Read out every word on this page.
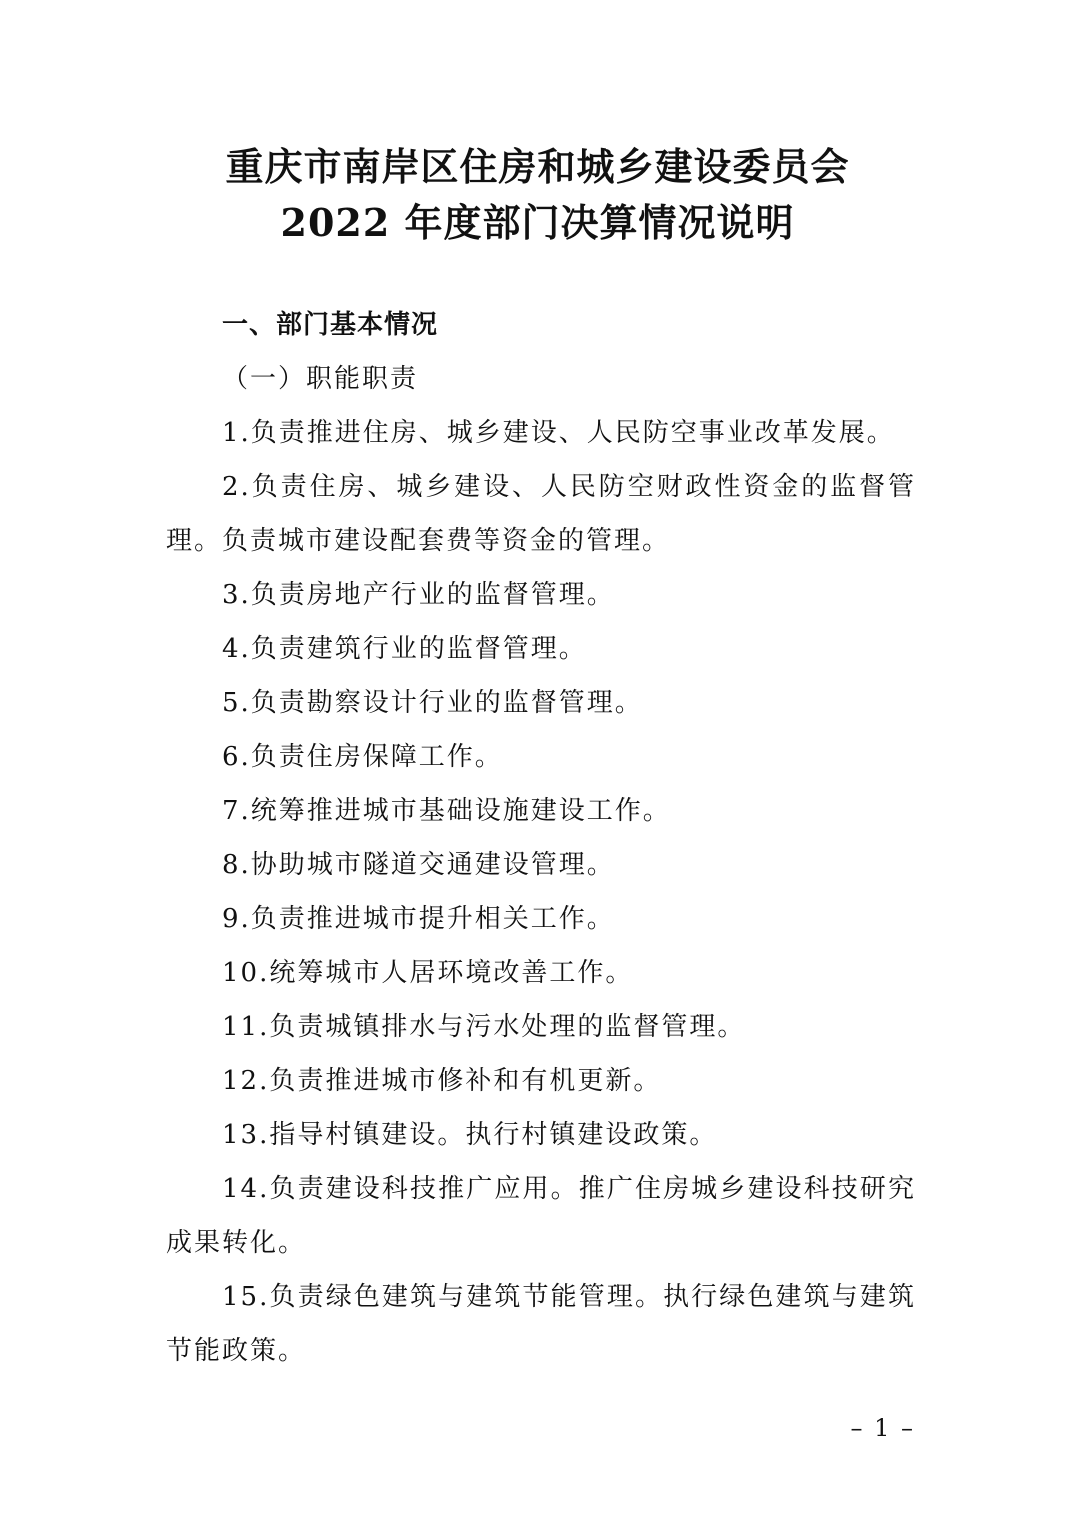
重庆市南岸区住房和城乡建设委员会
2022 年度部门决算情况说明

一、部门基本情况

（一）职能职责

1.负责推进住房、城乡建设、人民防空事业改革发展。

2.负责住房、城乡建设、人民防空财政性资金的监督管理。负责城市建设配套费等资金的管理。

3.负责房地产行业的监督管理。

4.负责建筑行业的监督管理。

5.负责勘察设计行业的监督管理。

6.负责住房保障工作。

7.统筹推进城市基础设施建设工作。

8.协助城市隧道交通建设管理。

9.负责推进城市提升相关工作。

10.统筹城市人居环境改善工作。

11.负责城镇排水与污水处理的监督管理。

12.负责推进城市修补和有机更新。

13.指导村镇建设。执行村镇建设政策。

14.负责建设科技推广应用。推广住房城乡建设科技研究成果转化。

15.负责绿色建筑与建筑节能管理。执行绿色建筑与建筑节能政策。

– 1 –
